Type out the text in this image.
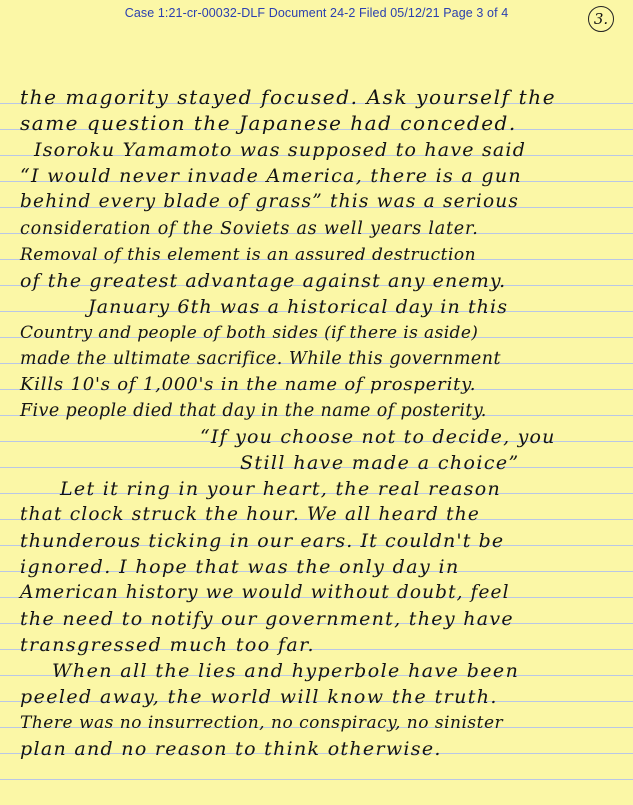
Case 1:21-cr-00032-DLF Document 24-2 Filed 05/12/21 Page 3 of 4	3.
the magority stayed focused. Ask yourself the
same question the Japanese had conceded.
Isoroku Yamamoto was supposed to have said
“I would never invade America, there is a gun
behind every blade of grass” this was a serious
consideration of the Soviets as well years later.
Removal of this element is an assured destruction
of the greatest advantage against any enemy.
January 6th was a historical day in this
Country and people of both sides (if there is aside)
made the ultimate sacrifice. While this government
Kills 10's of 1,000's in the name of prosperity.
Five people died that day in the name of posterity.
“If you choose not to decide, you
Still have made a choice”
Let it ring in your heart, the real reason
that clock struck the hour. We all heard the
thunderous ticking in our ears. It couldn't be
ignored. I hope that was the only day in
American history we would without doubt, feel
the need to notify our government, they have
transgressed much too far.
When all the lies and hyperbole have been
peeled away, the world will know the truth.
There was no insurrection, no conspiracy, no sinister
plan and no reason to think otherwise.
